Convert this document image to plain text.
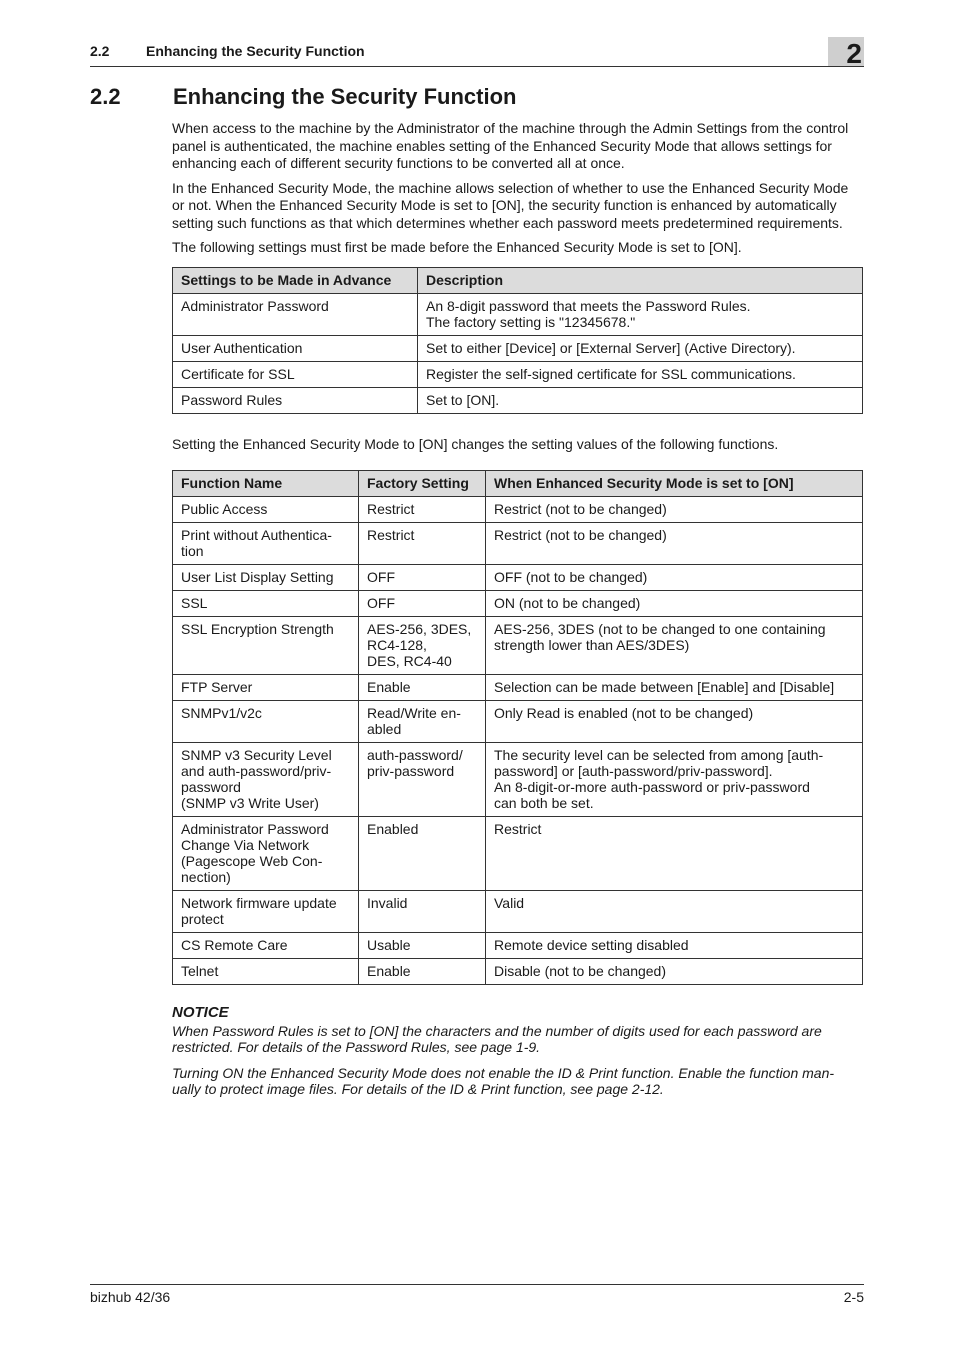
2.2	Enhancing the Security Function	2
2.2 Enhancing the Security Function

When access to the machine by the Administrator of the machine through the Admin Settings from the control panel is authenticated, the machine enables setting of the Enhanced Security Mode that allows settings for enhancing each of different security functions to be converted all at once.

In the Enhanced Security Mode, the machine allows selection of whether to use the Enhanced Security Mode or not. When the Enhanced Security Mode is set to [ON], the security function is enhanced by automatically setting such functions as that which determines whether each password meets predetermined requirements.

The following settings must first be made before the Enhanced Security Mode is set to [ON].

Settings to be Made in Advance	Description
Administrator Password	An 8-digit password that meets the Password Rules.
The factory setting is "12345678."
User Authentication	Set to either [Device] or [External Server] (Active Directory).
Certificate for SSL	Register the self-signed certificate for SSL communications.
Password Rules	Set to [ON].

Setting the Enhanced Security Mode to [ON] changes the setting values of the following functions.

Function Name	Factory Setting	When Enhanced Security Mode is set to [ON]
Public Access	Restrict	Restrict (not to be changed)
Print without Authentica-
tion	Restrict	Restrict (not to be changed)
User List Display Setting	OFF	OFF (not to be changed)
SSL	OFF	ON (not to be changed)
SSL Encryption Strength	AES-256, 3DES,
RC4-128,
DES, RC4-40	AES-256, 3DES (not to be changed to one containing
strength lower than AES/3DES)
FTP Server	Enable	Selection can be made between [Enable] and [Disable]
SNMPv1/v2c	Read/Write en-
abled	Only Read is enabled (not to be changed)
SNMP v3 Security Level
and auth-password/priv-
password
(SNMP v3 Write User)	auth-password/
priv-password	The security level can be selected from among [auth-
password] or [auth-password/priv-password].
An 8-digit-or-more auth-password or priv-password
can both be set.
Administrator Password
Change Via Network
(Pagescope Web Con-
nection)	Enabled	Restrict
Network firmware update
protect	Invalid	Valid
CS Remote Care	Usable	Remote device setting disabled
Telnet	Enable	Disable (not to be changed)
NOTICE

When Password Rules is set to [ON] the characters and the number of digits used for each password are
restricted. For details of the Password Rules, see page 1-9.

Turning ON the Enhanced Security Mode does not enable the ID & Print function. Enable the function man-
ually to protect image files. For details of the ID & Print function, see page 2-12.

bizhub 42/36	2-5
